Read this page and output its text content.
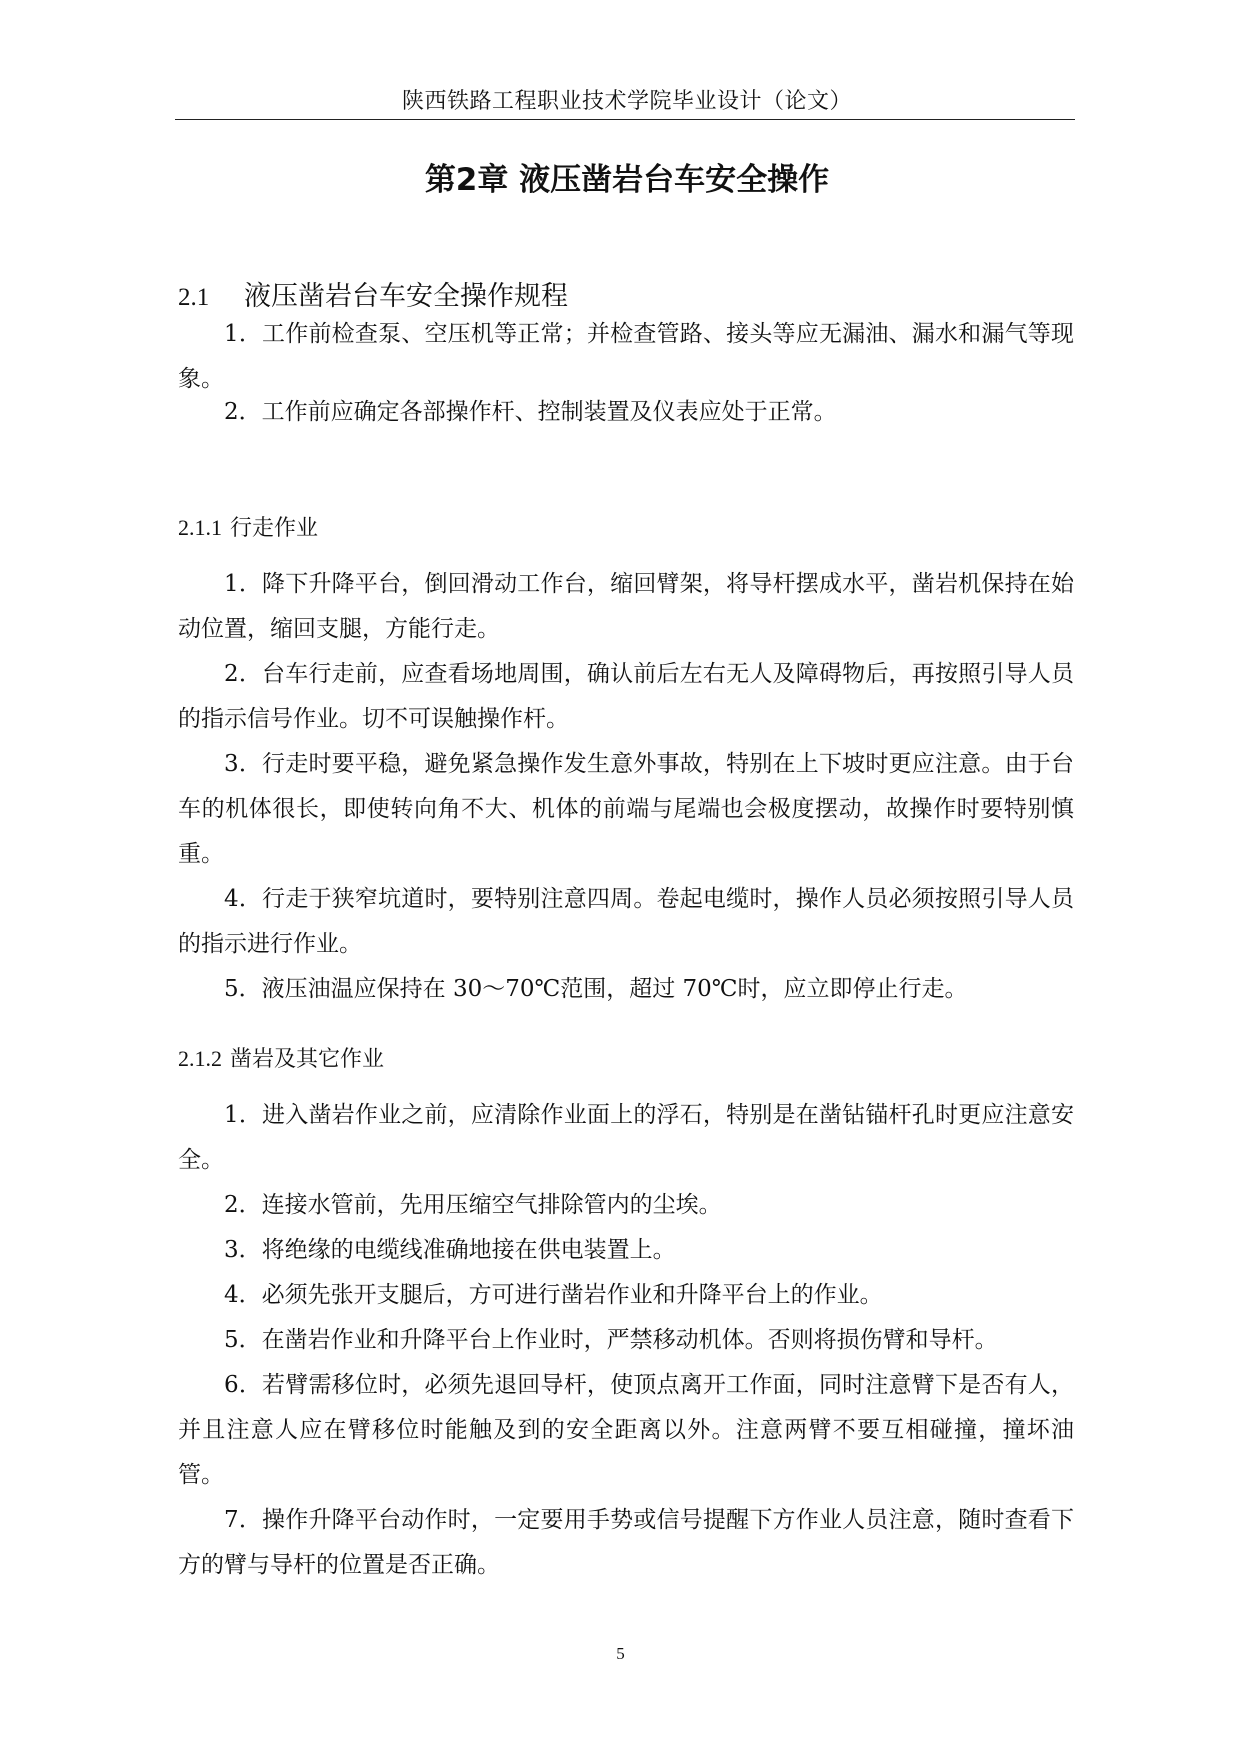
陕西铁路工程职业技术学院毕业设计（论文）
第2章 液压凿岩台车安全操作
2.1 液压凿岩台车安全操作规程

1．工作前检查泵、空压机等正常；并检查管路、接头等应无漏油、漏水和漏气等现象。

2．工作前应确定各部操作杆、控制装置及仪表应处于正常。

2.1.1 行走作业

1．降下升降平台，倒回滑动工作台，缩回臂架，将导杆摆成水平，凿岩机保持在始动位置，缩回支腿，方能行走。

2．台车行走前，应查看场地周围，确认前后左右无人及障碍物后，再按照引导人员的指示信号作业。切不可误触操作杆。

3．行走时要平稳，避免紧急操作发生意外事故，特别在上下坡时更应注意。由于台车的机体很长，即使转向角不大、机体的前端与尾端也会极度摆动，故操作时要特别慎重。

4．行走于狭窄坑道时，要特别注意四周。卷起电缆时，操作人员必须按照引导人员的指示进行作业。

5．液压油温应保持在 30～70℃范围，超过 70℃时，应立即停止行走。

2.1.2 凿岩及其它作业

1．进入凿岩作业之前，应清除作业面上的浮石，特别是在凿钻锚杆孔时更应注意安全。

2．连接水管前，先用压缩空气排除管内的尘埃。

3．将绝缘的电缆线准确地接在供电装置上。

4．必须先张开支腿后，方可进行凿岩作业和升降平台上的作业。

5．在凿岩作业和升降平台上作业时，严禁移动机体。否则将损伤臂和导杆。

6．若臂需移位时，必须先退回导杆，使顶点离开工作面，同时注意臂下是否有人，并且注意人应在臂移位时能触及到的安全距离以外。注意两臂不要互相碰撞，撞坏油管。

7．操作升降平台动作时，一定要用手势或信号提醒下方作业人员注意，随时查看下方的臂与导杆的位置是否正确。

5
